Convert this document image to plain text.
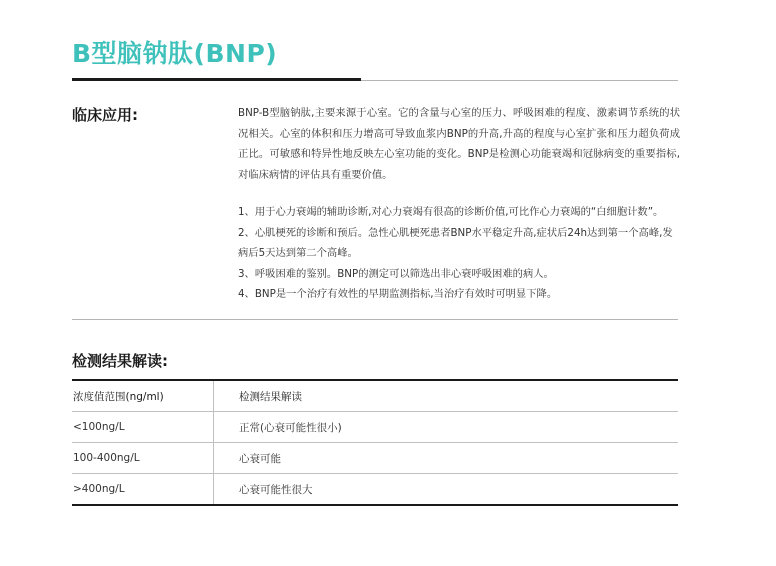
B型脑钠肽(BNP)
临床应用:	BNP-B型脑钠肽,主要来源于心室。它的含量与心室的压力、呼吸困难的程度、激素调节系统的状况相关。心室的体积和压力增高可导致血浆内BNP的升高,升高的程度与心室扩张和压力超负荷成正比。可敏感和特异性地反映左心室功能的变化。BNP是检测心功能衰竭和冠脉病变的重要指标,对临床病情的评估具有重要价值。

1、用于心力衰竭的辅助诊断,对心力衰竭有很高的诊断价值,可比作心力衰竭的“白细胞计数”。

2、心肌梗死的诊断和预后。急性心肌梗死患者BNP水平稳定升高,症状后24h达到第一个高峰,发病后5天达到第二个高峰。

3、呼吸困难的鉴别。BNP的测定可以筛选出非心衰呼吸困难的病人。

4、BNP是一个治疗有效性的早期监测指标,当治疗有效时可明显下降。

检测结果解读:
浓度值范围(ng/ml)	检测结果解读
<100ng/L	正常(心衰可能性很小)
100-400ng/L	心衰可能
>400ng/L	心衰可能性很大
